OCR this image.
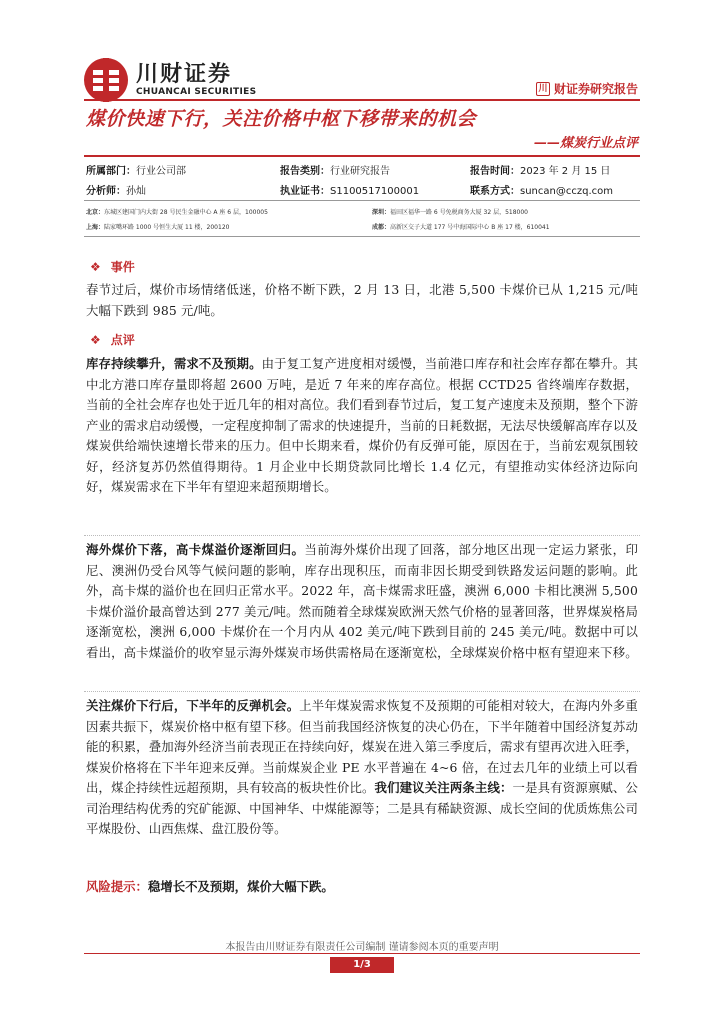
川财证券
CHUANCAI SECURITIES	川 财证券研究报告
煤价快速下行，关注价格中枢下移带来的机会
——煤炭行业点评
所属部门：行业公司部	报告类别：行业研究报告	报告时间：2023 年 2 月 15 日
分析师：孙灿	执业证书：S1100517100001	联系方式：suncan@cczq.com
北京：东城区建国门内大街 28 号民生金融中心 A 座 6 层，100005	深圳：福田区福华一路 6 号免税商务大厦 32 层，518000
上海：陆家嘴环路 1000 号恒生大厦 11 楼，200120	成都：高新区交子大道 177 号中海国际中心 B 座 17 楼，610041
❖ 事件
春节过后，煤价市场情绪低迷，价格不断下跌，2 月 13 日，北港 5,500 卡煤价已从 1,215 元/吨大幅下跌到 985 元/吨。
❖ 点评
库存持续攀升，需求不及预期。由于复工复产进度相对缓慢，当前港口库存和社会库存都在攀升。其中北方港口库存量即将超 2600 万吨，是近 7 年来的库存高位。根据 CCTD25 省终端库存数据，当前的全社会库存也处于近几年的相对高位。我们看到春节过后，复工复产速度未及预期，整个下游产业的需求启动缓慢，一定程度抑制了需求的快速提升，当前的日耗数据，无法尽快缓解高库存以及煤炭供给端快速增长带来的压力。但中长期来看，煤价仍有反弹可能，原因在于，当前宏观氛围较好，经济复苏仍然值得期待。1 月企业中长期贷款同比增长 1.4 亿元，有望推动实体经济边际向好，煤炭需求在下半年有望迎来超预期增长。
海外煤价下落，高卡煤溢价逐渐回归。当前海外煤价出现了回落，部分地区出现一定运力紧张，印尼、澳洲仍受台风等气候问题的影响，库存出现积压，而南非因长期受到铁路发运问题的影响。此外，高卡煤的溢价也在回归正常水平。2022 年，高卡煤需求旺盛，澳洲 6,000 卡相比澳洲 5,500 卡煤价溢价最高曾达到 277 美元/吨。然而随着全球煤炭欧洲天然气价格的显著回落，世界煤炭格局逐渐宽松，澳洲 6,000 卡煤价在一个月内从 402 美元/吨下跌到目前的 245 美元/吨。数据中可以看出，高卡煤溢价的收窄显示海外煤炭市场供需格局在逐渐宽松，全球煤炭价格中枢有望迎来下移。
关注煤价下行后，下半年的反弹机会。上半年煤炭需求恢复不及预期的可能相对较大，在海内外多重因素共振下，煤炭价格中枢有望下移。但当前我国经济恢复的决心仍在，下半年随着中国经济复苏动能的积累，叠加海外经济当前表现正在持续向好，煤炭在进入第三季度后，需求有望再次进入旺季，煤炭价格将在下半年迎来反弹。当前煤炭企业 PE 水平普遍在 4~6 倍，在过去几年的业绩上可以看出，煤企持续性远超预期，具有较高的板块性价比。我们建议关注两条主线：一是具有资源禀赋、公司治理结构优秀的究矿能源、中国神华、中煤能源等；二是具有稀缺资源、成长空间的优质炼焦公司平煤股份、山西焦煤、盘江股份等。
风险提示：稳增长不及预期，煤价大幅下跌。
本报告由川财证券有限责任公司编制 谨请参阅本页的重要声明
1/3
